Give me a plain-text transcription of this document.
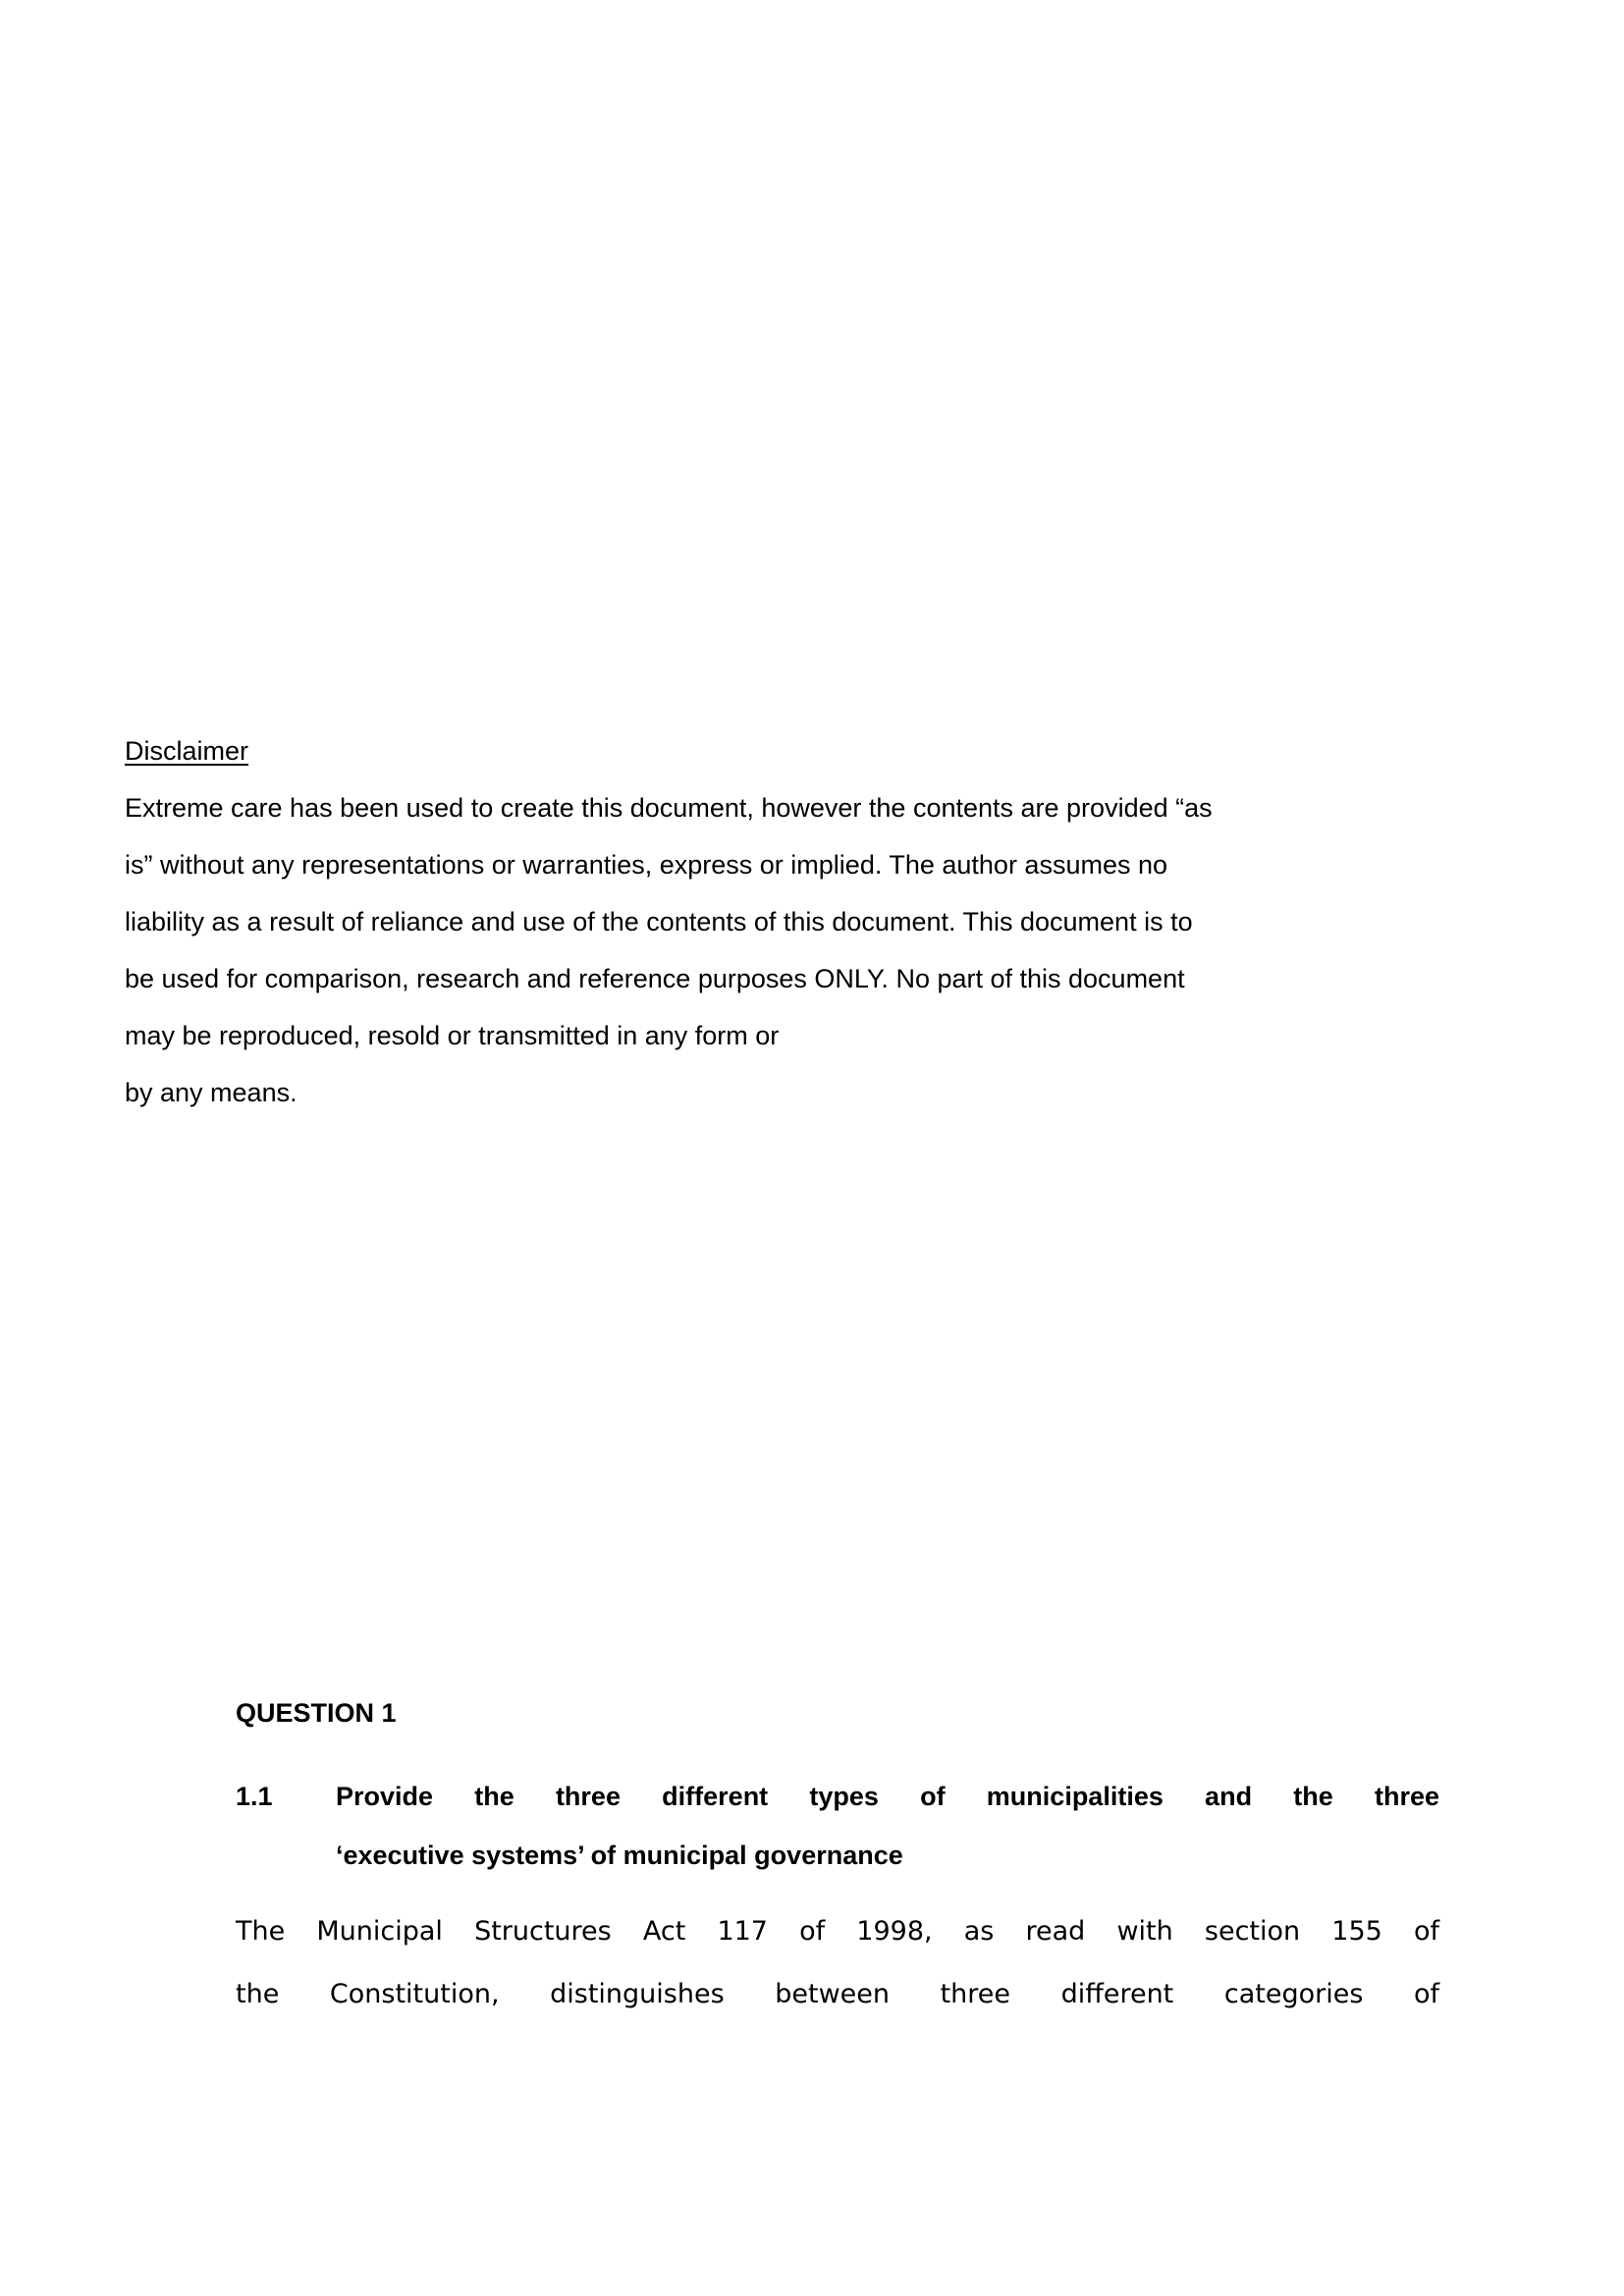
Disclaimer
Extreme care has been used to create this document, however the contents are provided “as
is” without any representations or warranties, express or implied. The author assumes no
liability as a result of reliance and use of the contents of this document. This document is to
be used for comparison, research and reference purposes ONLY. No part of this document
may be reproduced, resold or transmitted in any form or
by any means.
QUESTION 1
1.1	Provide the three different types of municipalities and the three
‘executive systems’ of municipal governance
The Municipal Structures Act 117 of 1998, as read with section 155 of
the Constitution, distinguishes between three different categories of
